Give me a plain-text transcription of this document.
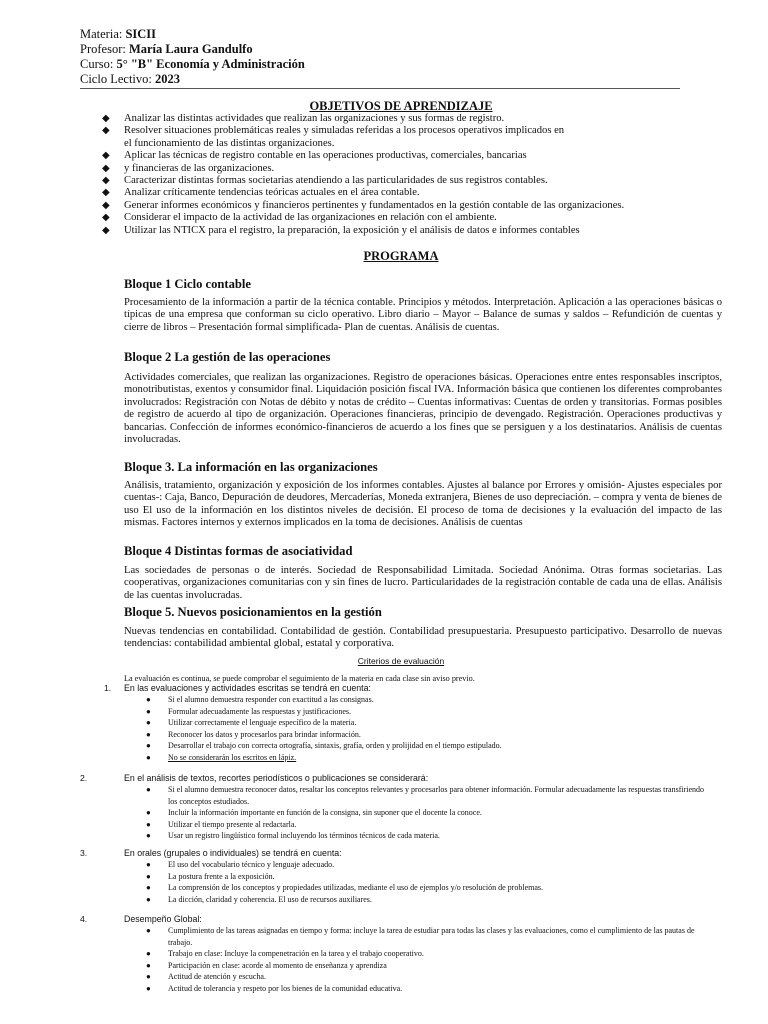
Materia: SICII
Profesor: María Laura Gandulfo
Curso: 5° "B" Economía y Administración
Ciclo Lectivo: 2023
OBJETIVOS DE APRENDIZAJE
◆ Analizar las distintas actividades que realizan las organizaciones y sus formas de registro.
◆ Resolver situaciones problemáticas reales y simuladas referidas a los procesos operativos implicados en
el funcionamiento de las distintas organizaciones.
◆ Aplicar las técnicas de registro contable en las operaciones productivas, comerciales, bancarias
◆ y financieras de las organizaciones.
◆ Caracterizar distintas formas societarias atendiendo a las particularidades de sus registros contables.
◆ Analizar críticamente tendencias teóricas actuales en el área contable.
◆ Generar informes económicos y financieros pertinentes y fundamentados en la gestión contable de las organizaciones.
◆ Considerar el impacto de la actividad de las organizaciones en relación con el ambiente.
◆ Utilizar las NTICX para el registro, la preparación, la exposición y el análisis de datos e informes contables
PROGRAMA
Bloque 1 Ciclo contable
Procesamiento de la información a partir de la técnica contable. Principios y métodos. Interpretación. Aplicación a las operaciones básicas o típicas de una empresa que conforman su ciclo operativo. Libro diario – Mayor – Balance de sumas y saldos – Refundición de cuentas y cierre de libros – Presentación formal simplificada- Plan de cuentas. Análisis de cuentas.
Bloque 2 La gestión de las operaciones
Actividades comerciales, que realizan las organizaciones. Registro de operaciones básicas. Operaciones entre entes responsables inscriptos, monotributistas, exentos y consumidor final. Liquidación posición fiscal IVA. Información básica que contienen los diferentes comprobantes involucrados: Registración con Notas de débito y notas de crédito – Cuentas informativas: Cuentas de orden y transitorias. Formas posibles de registro de acuerdo al tipo de organización. Operaciones financieras, principio de devengado. Registración. Operaciones productivas y bancarias. Confección de informes económico-financieros de acuerdo a los fines que se persiguen y a los destinatarios. Análisis de cuentas involucradas.
Bloque 3. La información en las organizaciones
Análisis, tratamiento, organización y exposición de los informes contables. Ajustes al balance por Errores y omisión- Ajustes especiales por cuentas-: Caja, Banco, Depuración de deudores, Mercaderías, Moneda extranjera, Bienes de uso depreciación. – compra y venta de bienes de uso El uso de la información en los distintos niveles de decisión. El proceso de toma de decisiones y la evaluación del impacto de las mismas. Factores internos y externos implicados en la toma de decisiones. Análisis de cuentas
Bloque 4 Distintas formas de asociatividad
Las sociedades de personas o de interés. Sociedad de Responsabilidad Limitada. Sociedad Anónima. Otras formas societarias. Las cooperativas, organizaciones comunitarias con y sin fines de lucro. Particularidades de la registración contable de cada una de ellas. Análisis de las cuentas involucradas.
Bloque 5. Nuevos posicionamientos en la gestión
Nuevas tendencias en contabilidad. Contabilidad de gestión. Contabilidad presupuestaria. Presupuesto participativo. Desarrollo de nuevas tendencias: contabilidad ambiental global, estatal y corporativa.
Criterios de evaluación
La evaluación es continua, se puede comprobar el seguimiento de la materia en cada clase sin aviso previo.
1. En las evaluaciones y actividades escritas se tendrá en cuenta:
● Si el alumno demuestra responder con exactitud a las consignas.
● Formular adecuadamente las respuestas y justificaciones.
● Utilizar correctamente el lenguaje específico de la materia.
● Reconocer los datos y procesarlos para brindar información.
● Desarrollar el trabajo con correcta ortografía, sintaxis, grafía, orden y prolijidad en el tiempo estipulado.
● No se considerarán los escritos en lápiz.
2.	En el análisis de textos, recortes periodísticos o publicaciones se considerará:
● Si el alumno demuestra reconocer datos, resaltar los conceptos relevantes y procesarlos para obtener información. Formular adecuadamente las respuestas transfiriendo los conceptos estudiados.
● Incluir la información importante en función de la consigna, sin suponer que el docente la conoce.
● Utilizar el tiempo presente al redactarla.
● Usar un registro lingüístico formal incluyendo los términos técnicos de cada materia.
3.	En orales (grupales o individuales) se tendrá en cuenta:
● El uso del vocabulario técnico y lenguaje adecuado.
● La postura frente a la exposición.
● La comprensión de los conceptos y propiedades utilizadas, mediante el uso de ejemplos y/o resolución de problemas.
● La dicción, claridad y coherencia. El uso de recursos auxiliares.
4.	Desempeño Global:
● Cumplimiento de las tareas asignadas en tiempo y forma: incluye la tarea de estudiar para todas las clases y las evaluaciones, como el cumplimiento de las pautas de trabajo.
● Trabajo en clase: Incluye la compenetración en la tarea y el trabajo cooperativo.
● Participación en clase: acorde al momento de enseñanza y aprendiza
● Actitud de atención y escucha.
● Actitud de tolerancia y respeto por los bienes de la comunidad educativa.
